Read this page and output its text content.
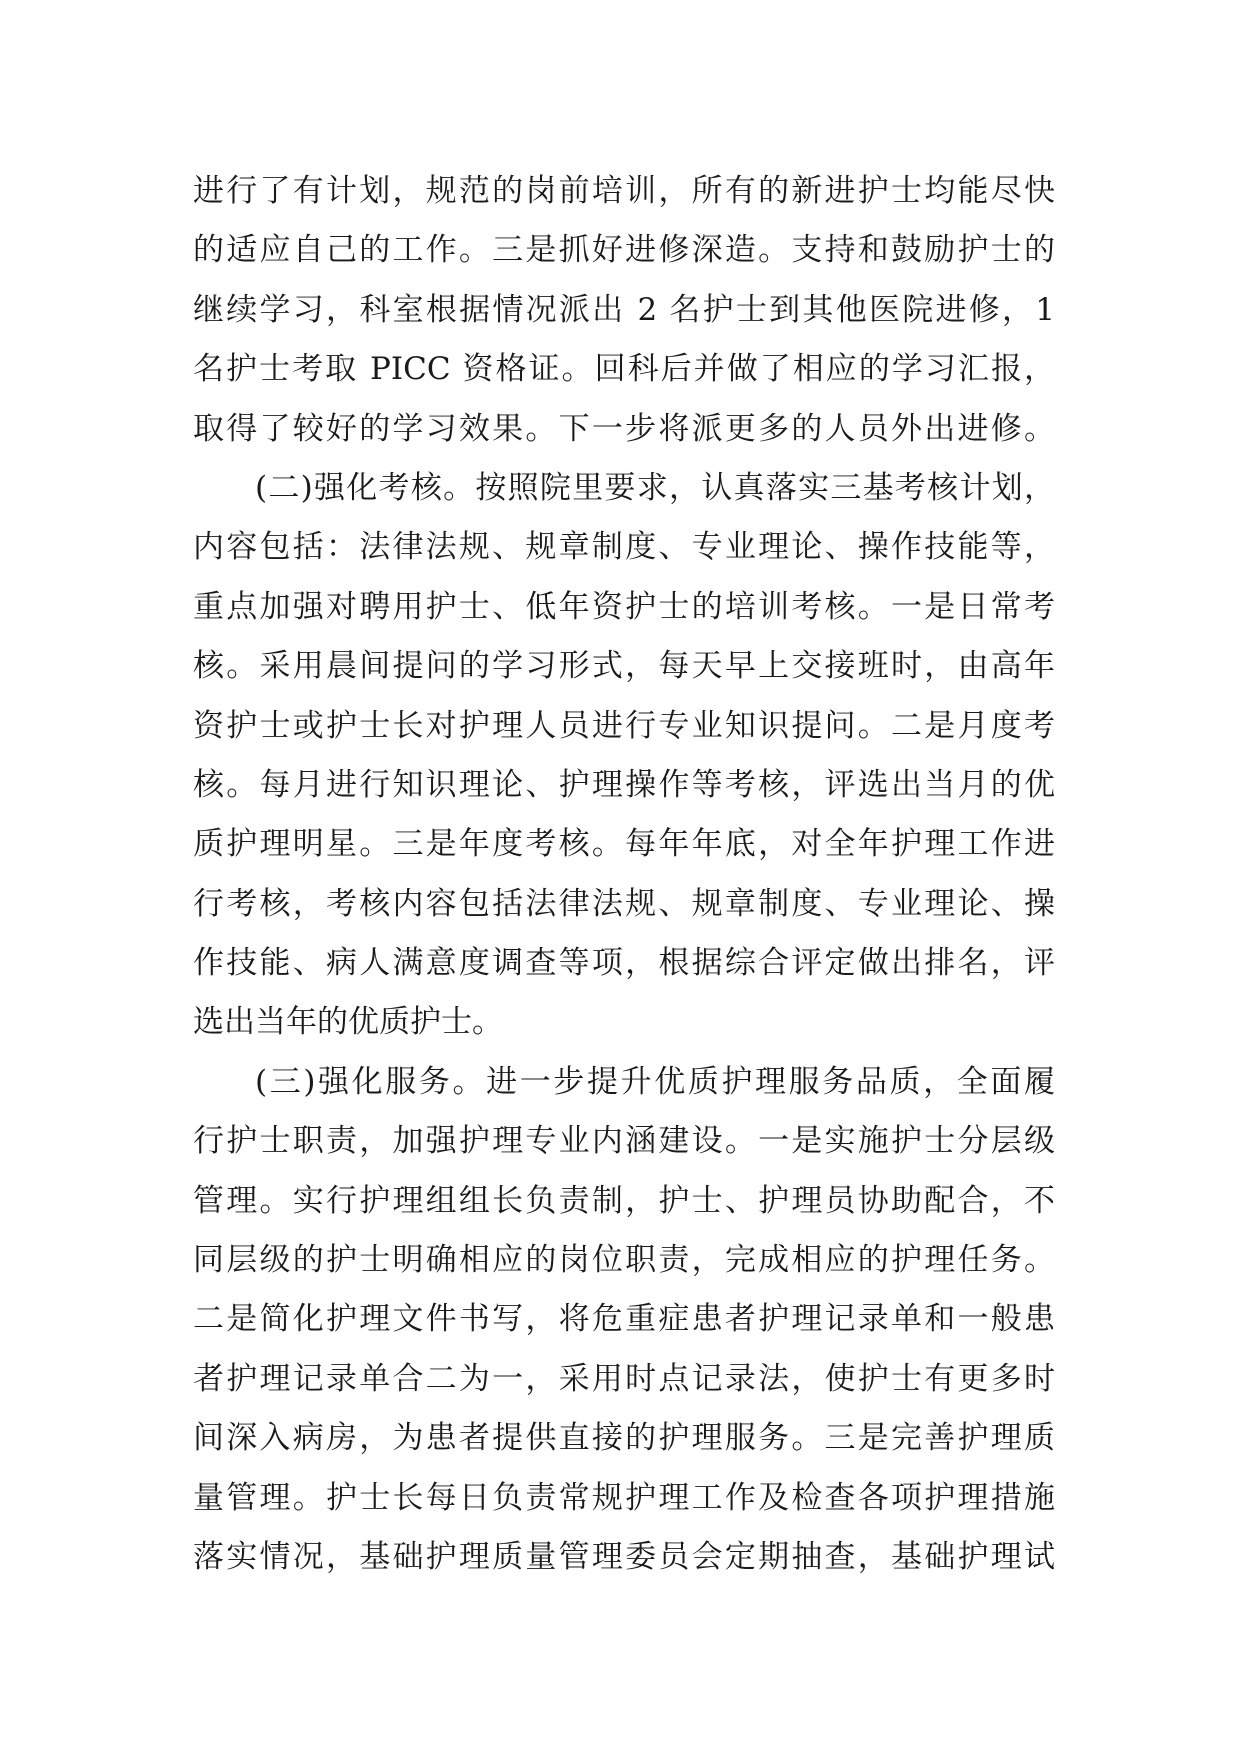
进行了有计划，规范的岗前培训，所有的新进护士均能尽快
的适应自己的工作。三是抓好进修深造。支持和鼓励护士的
继续学习，科室根据情况派出 2 名护士到其他医院进修，1
名护士考取 PICC 资格证。回科后并做了相应的学习汇报，
取得了较好的学习效果。下一步将派更多的人员外出进修。
(二)强化考核。按照院里要求，认真落实三基考核计划，
内容包括：法律法规、规章制度、专业理论、操作技能等，
重点加强对聘用护士、低年资护士的培训考核。一是日常考
核。采用晨间提问的学习形式，每天早上交接班时，由高年
资护士或护士长对护理人员进行专业知识提问。二是月度考
核。每月进行知识理论、护理操作等考核，评选出当月的优
质护理明星。三是年度考核。每年年底，对全年护理工作进
行考核，考核内容包括法律法规、规章制度、专业理论、操
作技能、病人满意度调查等项，根据综合评定做出排名，评
选出当年的优质护士。
(三)强化服务。进一步提升优质护理服务品质，全面履
行护士职责，加强护理专业内涵建设。一是实施护士分层级
管理。实行护理组组长负责制，护士、护理员协助配合，不
同层级的护士明确相应的岗位职责，完成相应的护理任务。
二是简化护理文件书写，将危重症患者护理记录单和一般患
者护理记录单合二为一，采用时点记录法，使护士有更多时
间深入病房，为患者提供直接的护理服务。三是完善护理质
量管理。护士长每日负责常规护理工作及检查各项护理措施
落实情况，基础护理质量管理委员会定期抽查，基础护理试
